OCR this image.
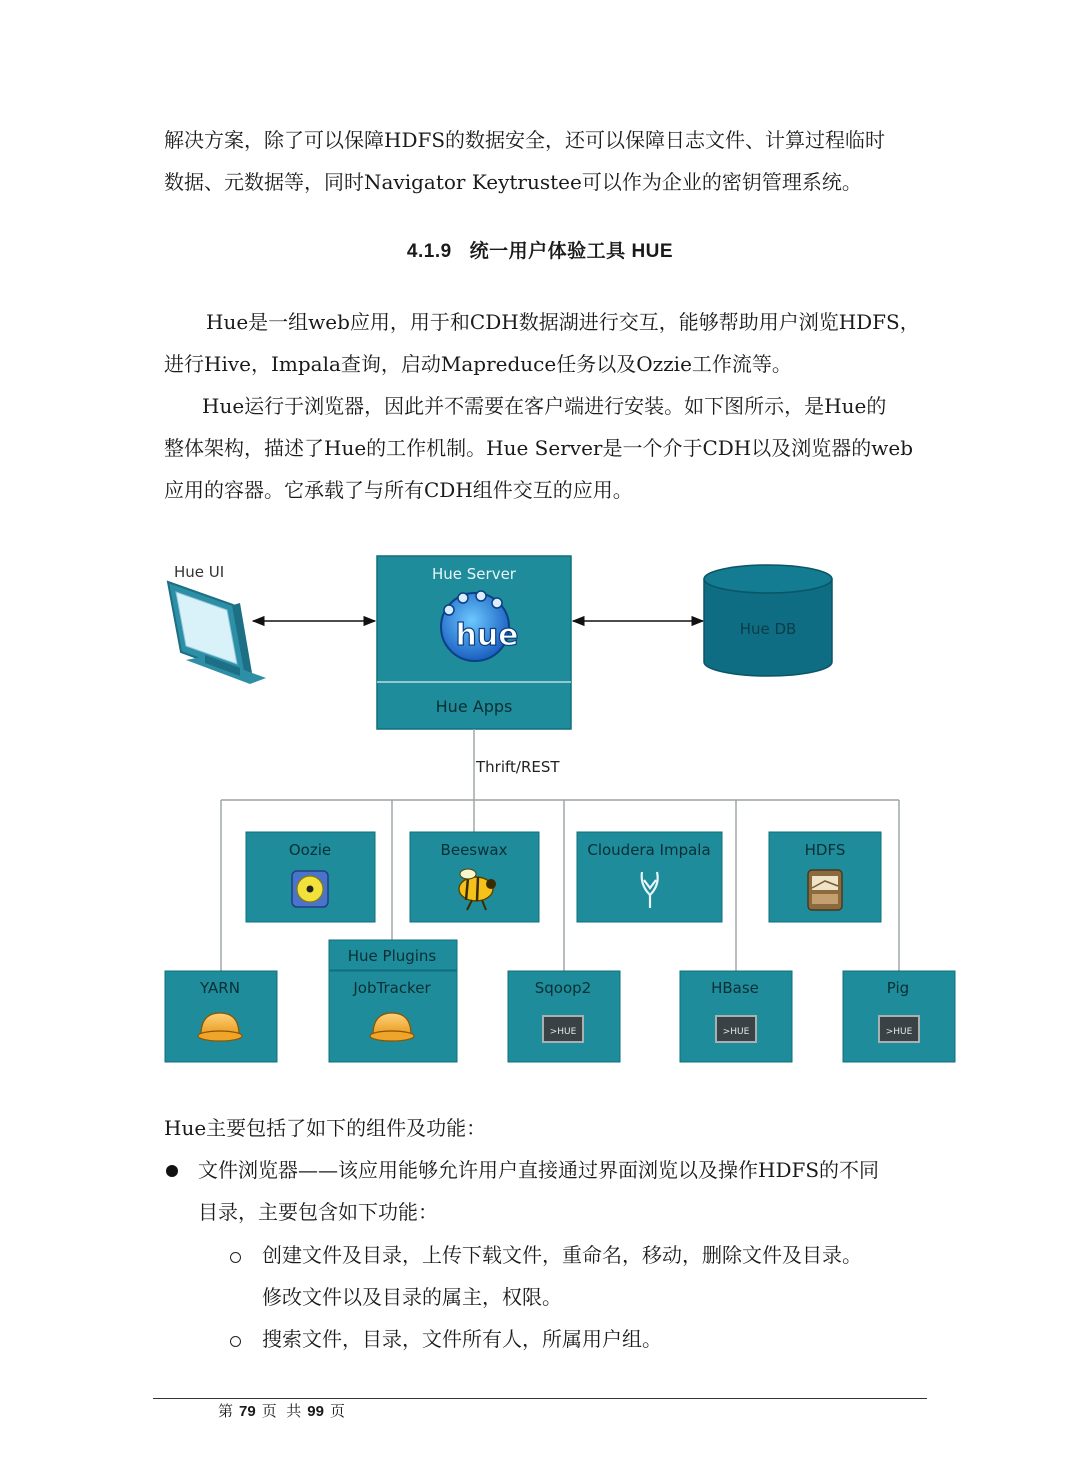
解决方案，除了可以保障HDFS的数据安全，还可以保障日志文件、计算过程临时
数据、元数据等，同时Navigator Keytrustee可以作为企业的密钥管理系统。

4.1.9 统一用户体验工具 HUE

Hue是一组web应用，用于和CDH数据湖进行交互，能够帮助用户浏览HDFS，
进行Hive，Impala查询，启动Mapreduce任务以及Ozzie工作流等。

Hue运行于浏览器，因此并不需要在客户端进行安装。如下图所示，是Hue的
整体架构，描述了Hue的工作机制。Hue Server是一个介于CDH以及浏览器的web
应用的容器。它承载了与所有CDH组件交互的应用。

Hue UI	Hue Server
hue
Hue Apps
Hue DB
Thrift/REST
Oozie	Beeswax	Cloudera Impala	HDFS
Hue Plugins
YARN	JobTracker	Sqoop2
>HUE
HBase
>HUE
Pig
>HUE

Hue主要包括了如下的组件及功能：

文件浏览器——该应用能够允许用户直接通过界面浏览以及操作HDFS的不同
目录，主要包含如下功能：
创建文件及目录，上传下载文件，重命名，移动，删除文件及目录。
修改文件以及目录的属主，权限。
搜索文件，目录，文件所有人，所属用户组。
第 79 页 共 99 页
